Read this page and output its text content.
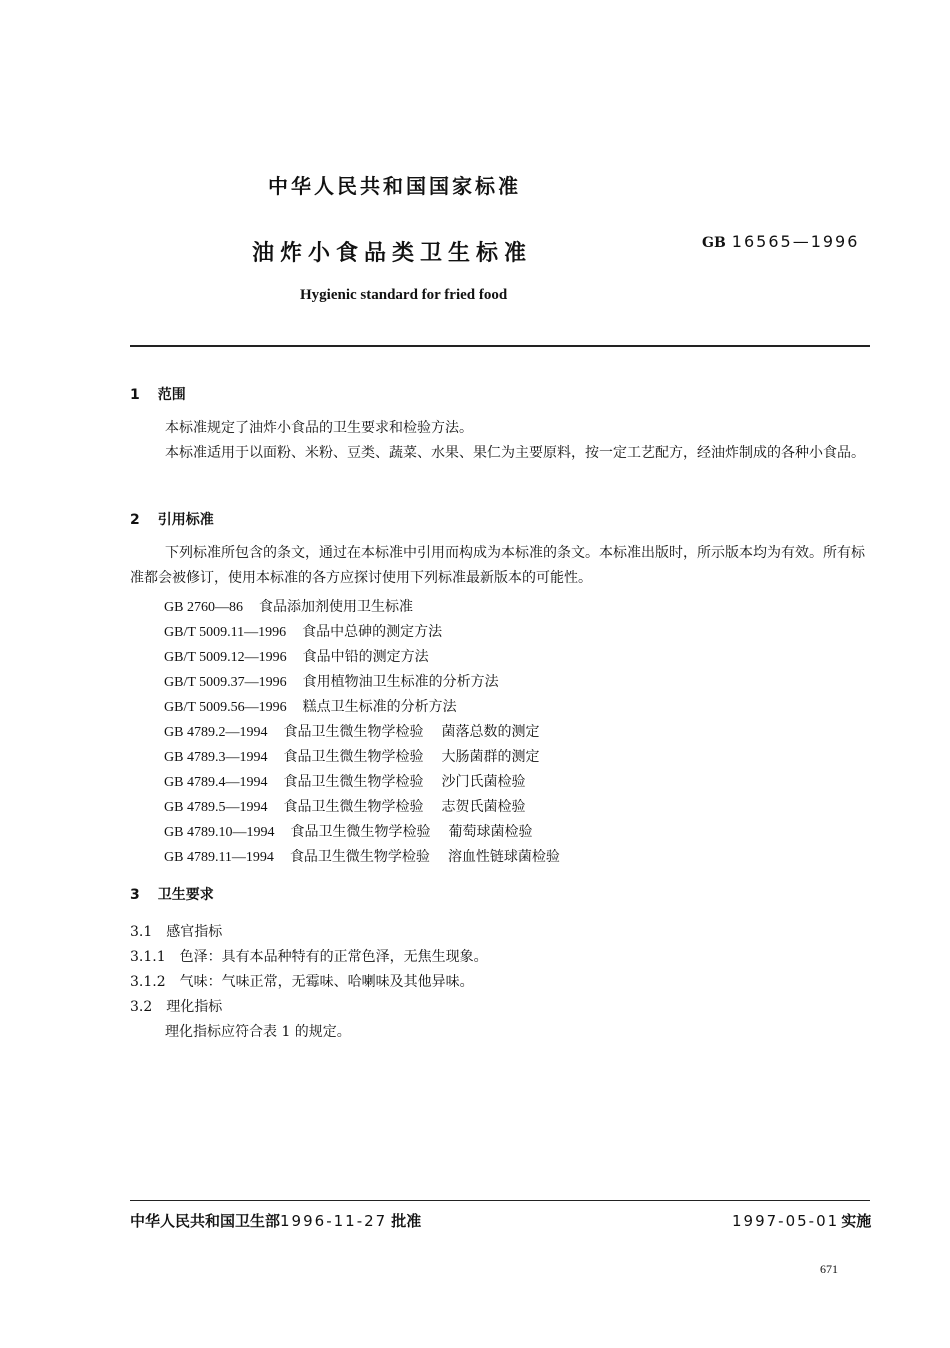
中华人民共和国国家标准
油炸小食品类卫生标准	GB 16565—1996
Hygienic standard for fried food
1 范围
本标准规定了油炸小食品的卫生要求和检验方法。
本标准适用于以面粉、米粉、豆类、蔬菜、水果、果仁为主要原料，按一定工艺配方，经油炸制成的各种小食品。
2 引用标准
下列标准所包含的条文，通过在本标准中引用而构成为本标准的条文。本标准出版时，所示版本均为有效。所有标准都会被修订，使用本标准的各方应探讨使用下列标准最新版本的可能性。
GB 2760—86 食品添加剂使用卫生标准
GB/T 5009.11—1996 食品中总砷的测定方法
GB/T 5009.12—1996 食品中铅的测定方法
GB/T 5009.37—1996 食用植物油卫生标准的分析方法
GB/T 5009.56—1996 糕点卫生标准的分析方法
GB 4789.2—1994 食品卫生微生物学检验 菌落总数的测定
GB 4789.3—1994 食品卫生微生物学检验 大肠菌群的测定
GB 4789.4—1994 食品卫生微生物学检验 沙门氏菌检验
GB 4789.5—1994 食品卫生微生物学检验 志贺氏菌检验
GB 4789.10—1994 食品卫生微生物学检验 葡萄球菌检验
GB 4789.11—1994 食品卫生微生物学检验 溶血性链球菌检验
3 卫生要求
3.1 感官指标
3.1.1 色泽：具有本品种特有的正常色泽，无焦生现象。
3.1.2 气味：气味正常，无霉味、哈喇味及其他异味。
3.2 理化指标
理化指标应符合表 1 的规定。
中华人民共和国卫生部1996-11-27 批准	1997-05-01 实施
671
